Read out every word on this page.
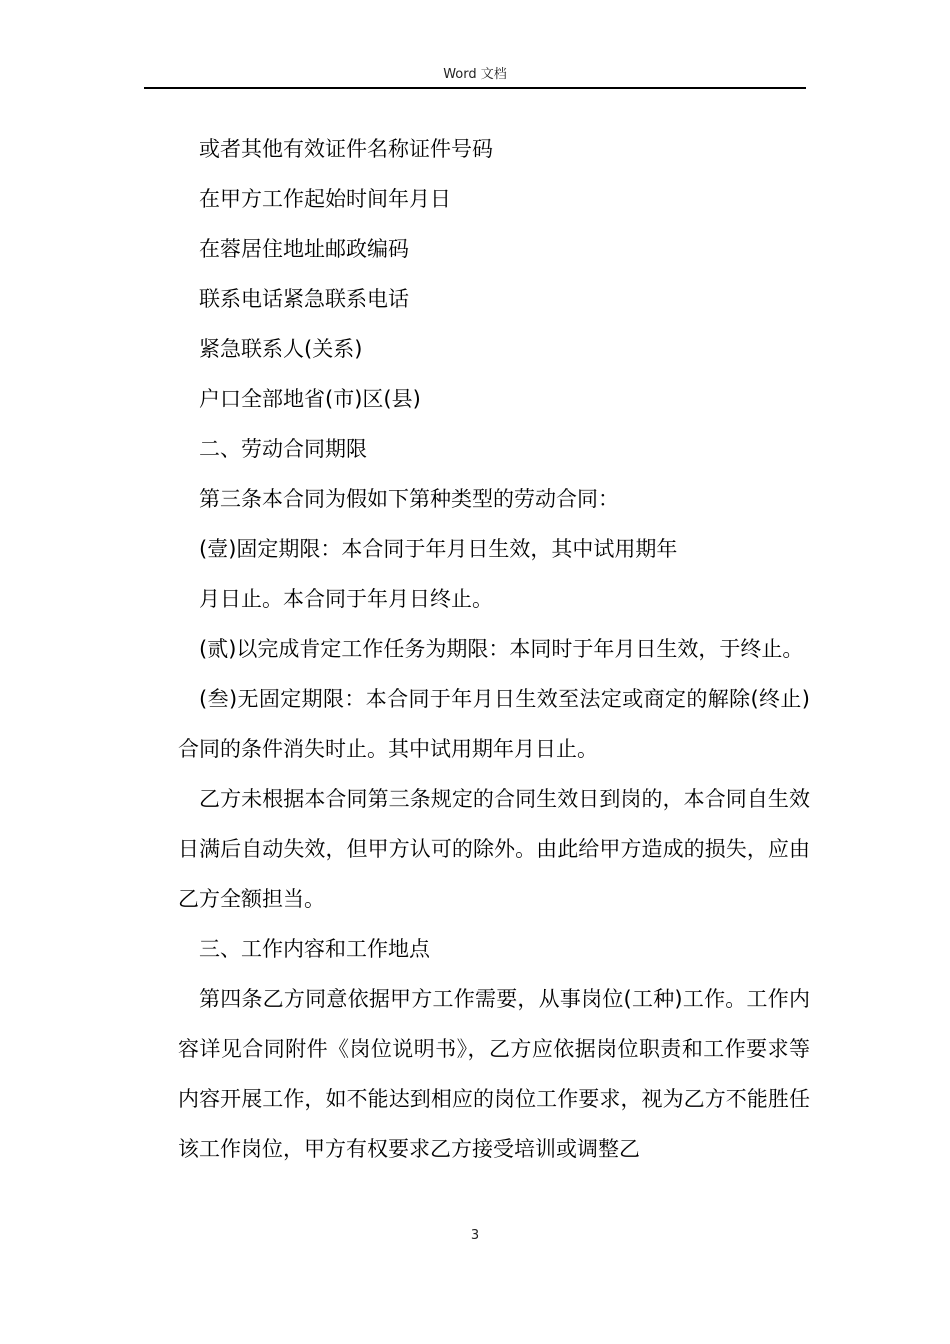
Word 文档

或者其他有效证件名称证件号码

在甲方工作起始时间年月日

在蓉居住地址邮政编码

联系电话紧急联系电话

紧急联系人(关系)

户口全部地省(市)区(县)

二、劳动合同期限

第三条本合同为假如下第种类型的劳动合同：

(壹)固定期限：本合同于年月日生效，其中试用期年

月日止。本合同于年月日终止。

(贰)以完成肯定工作任务为期限：本同时于年月日生效，于终止。

(叁)无固定期限：本合同于年月日生效至法定或商定的解除(终止)合同的条件消失时止。其中试用期年月日止。

乙方未根据本合同第三条规定的合同生效日到岗的，本合同自生效日满后自动失效，但甲方认可的除外。由此给甲方造成的损失，应由乙方全额担当。

三、工作内容和工作地点

第四条乙方同意依据甲方工作需要，从事岗位(工种)工作。工作内容详见合同附件《岗位说明书》，乙方应依据岗位职责和工作要求等内容开展工作，如不能达到相应的岗位工作要求，视为乙方不能胜任该工作岗位，甲方有权要求乙方接受培训或调整乙

3
